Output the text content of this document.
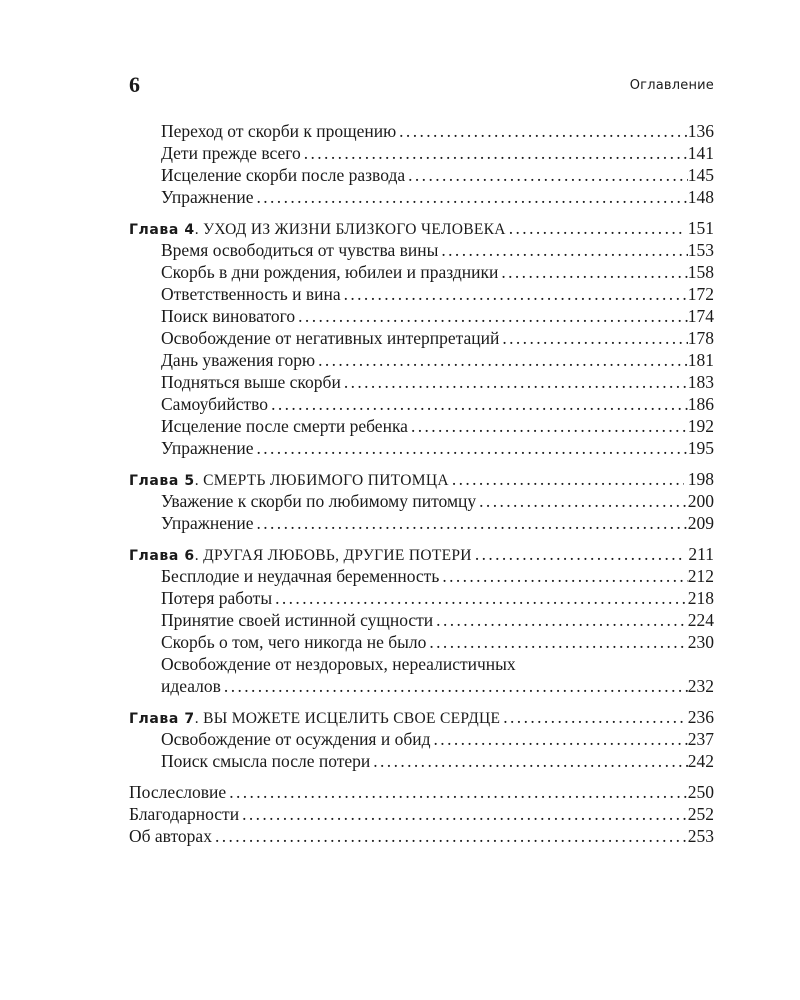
6	Оглавление
Переход от скорби к прощению .....	136
Дети прежде всего .....	141
Исцеление скорби после развода .....	145
Упражнение .....	148
Глава 4. УХОД ИЗ ЖИЗНИ БЛИЗКОГО ЧЕЛОВЕКА .....	151
Время освободиться от чувства вины .....	153
Скорбь в дни рождения, юбилеи и праздники .....	158
Ответственность и вина .....	172
Поиск виноватого .....	174
Освобождение от негативных интерпретаций .....	178
Дань уважения горю .....	181
Подняться выше скорби .....	183
Самоубийство .....	186
Исцеление после смерти ребенка .....	192
Упражнение .....	195
Глава 5. СМЕРТЬ ЛЮБИМОГО ПИТОМЦА .....	198
Уважение к скорби по любимому питомцу .....	200
Упражнение .....	209
Глава 6. ДРУГАЯ ЛЮБОВЬ, ДРУГИЕ ПОТЕРИ .....	211
Бесплодие и неудачная беременность .....	212
Потеря работы .....	218
Принятие своей истинной сущности .....	224
Скорбь о том, чего никогда не было .....	230
Освобождение от нездоровых, нереалистичных
идеалов .....	232
Глава 7. ВЫ МОЖЕТЕ ИСЦЕЛИТЬ СВОЕ СЕРДЦЕ .....	236
Освобождение от осуждения и обид .....	237
Поиск смысла после потери .....	242
Послесловие .....	250
Благодарности .....	252
Об авторах .....	253
